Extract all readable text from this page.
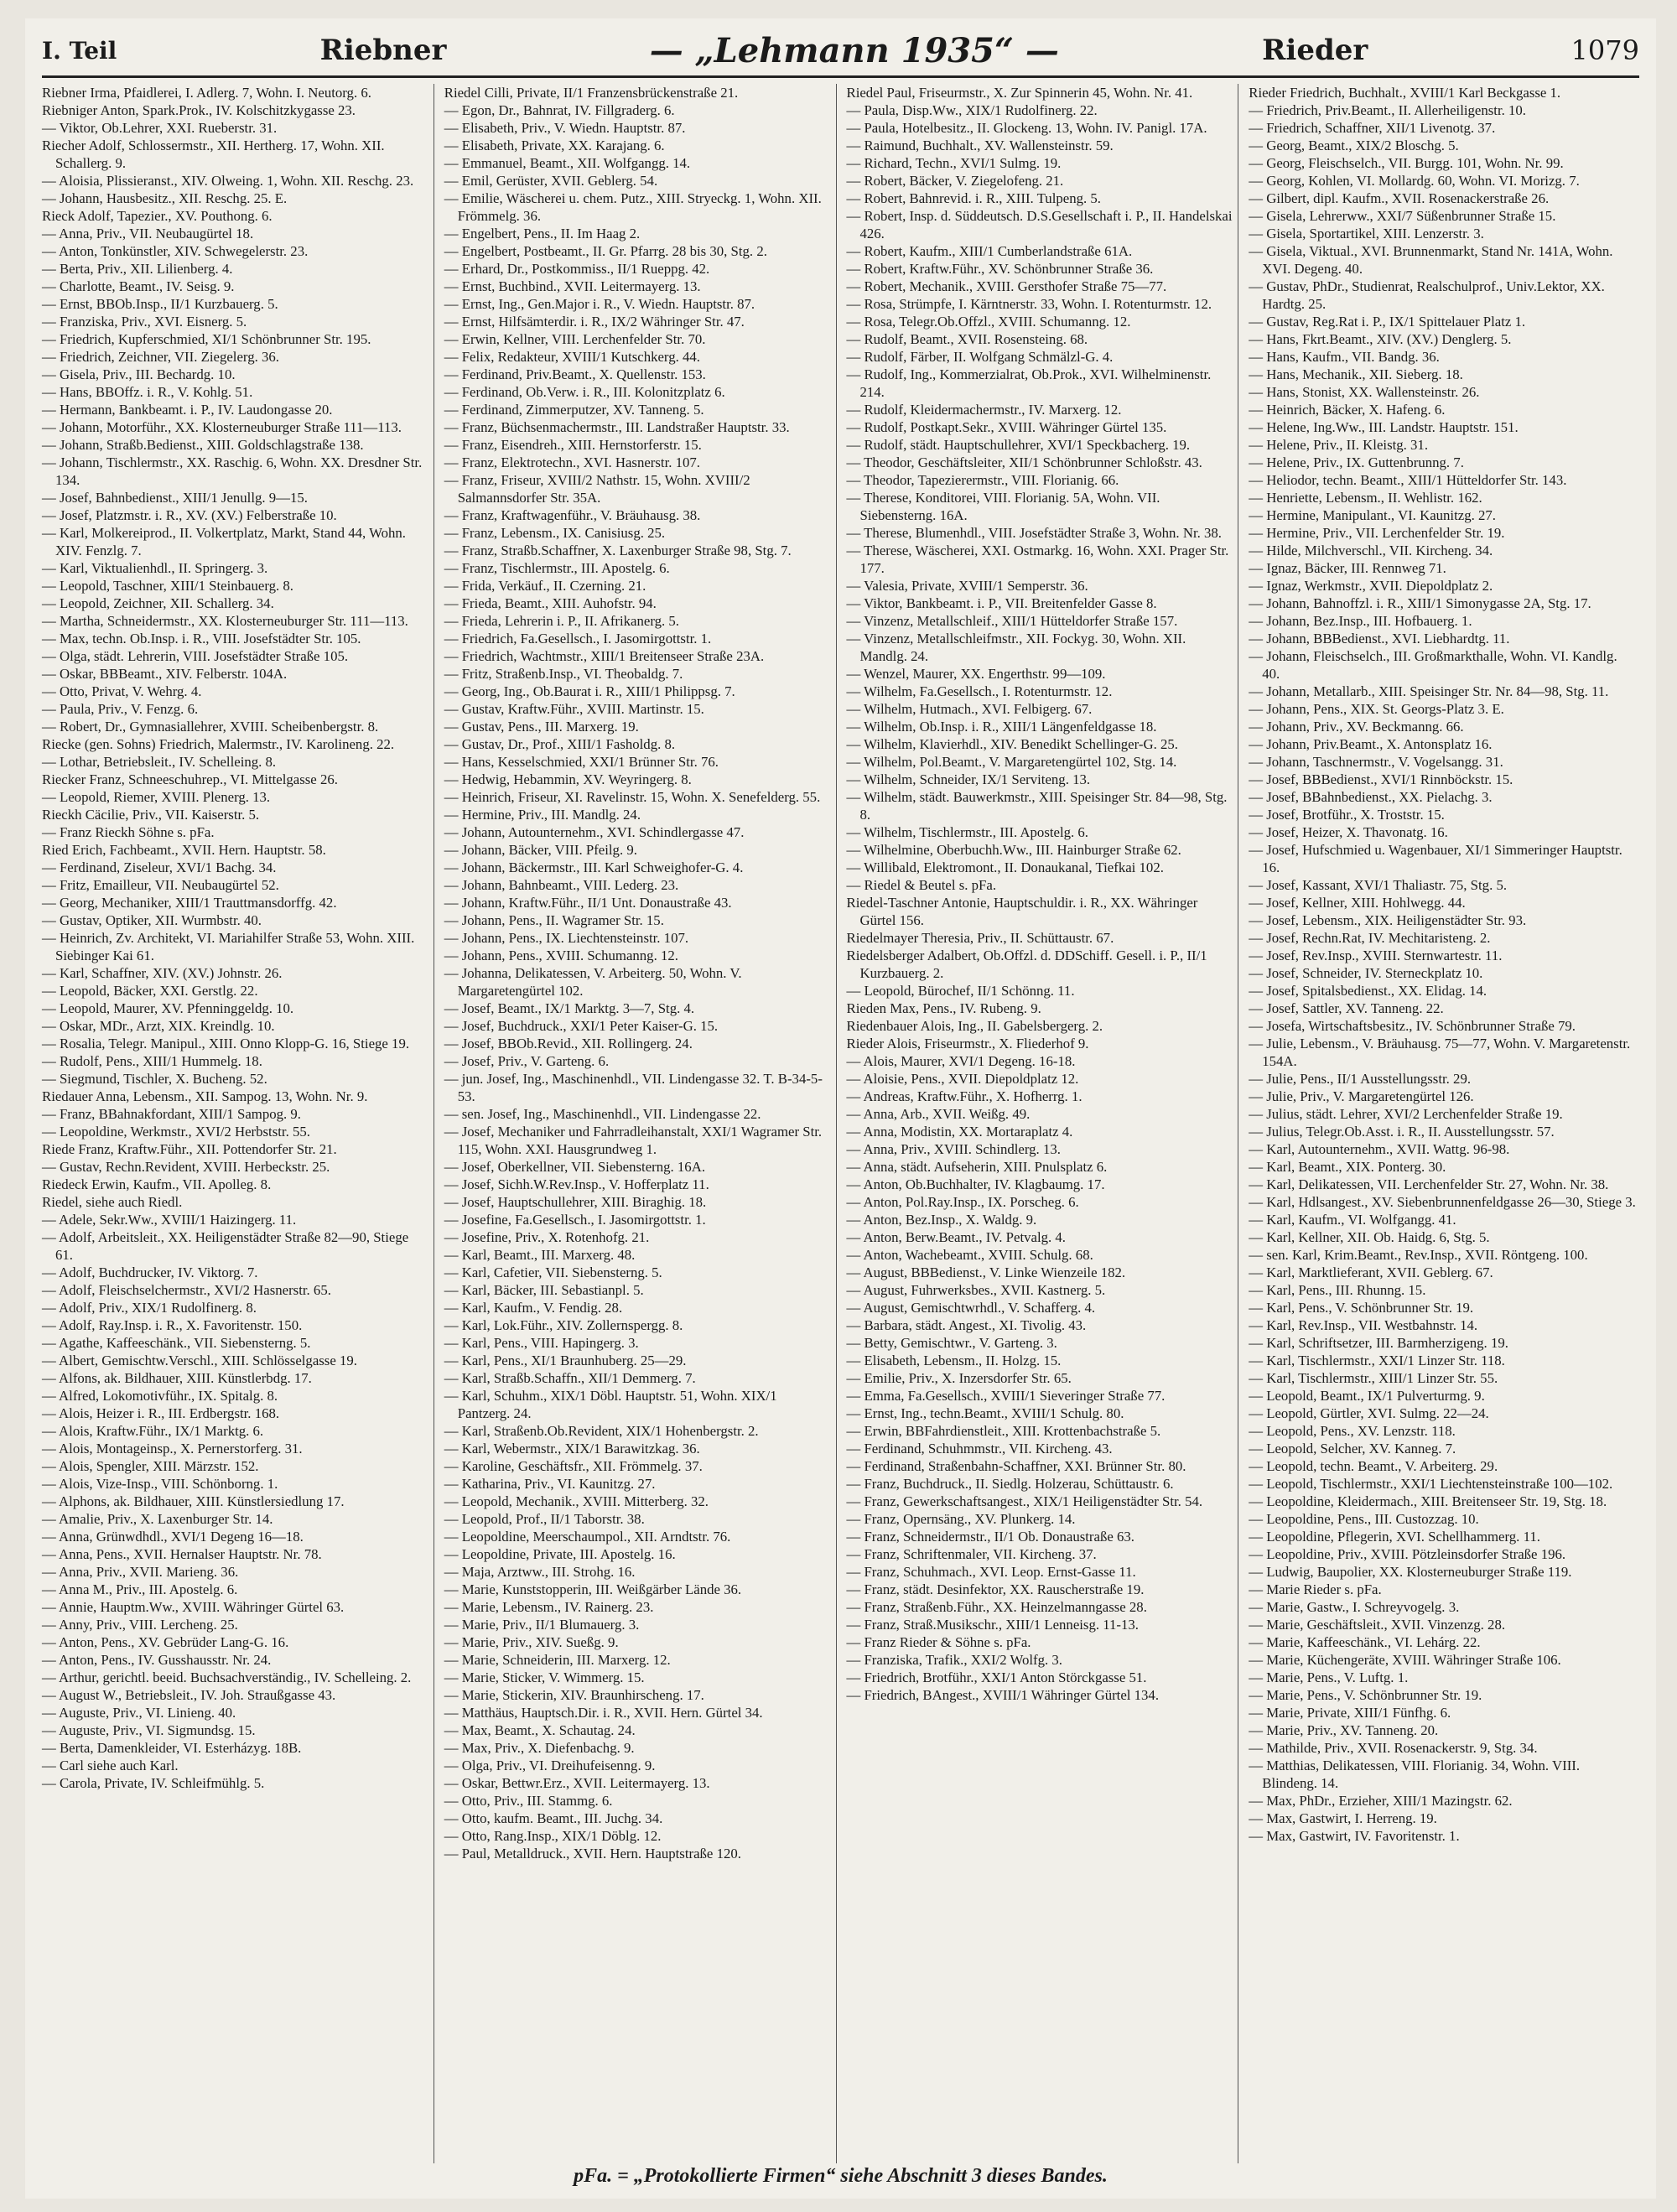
I. Teil	Riebner	— „Lehmann 1935“ —	Rieder	1079
Riebner Irma, Pfaidlerei, I. Adlerg. 7, Wohn. I. Neutorg. 6.
Riebniger Anton, Spark.Prok., IV. Kolschitzkygasse 23.
— Viktor, Ob.Lehrer, XXI. Rueberstr. 31.
Riecher Adolf, Schlossermstr., XII. Hertherg. 17, Wohn. XII. Schallerg. 9.
— Aloisia, Plissieranst., XIV. Olweing. 1, Wohn. XII. Reschg. 23.
— Johann, Hausbesitz., XII. Reschg. 25. E.
Rieck Adolf, Tapezier., XV. Pouthong. 6.
— Anna, Priv., VII. Neubaugürtel 18.
— Anton, Tonkünstler, XIV. Schwegelerstr. 23.
— Berta, Priv., XII. Lilienberg. 4.
— Charlotte, Beamt., IV. Seisg. 9.
— Ernst, BBOb.Insp., II/1 Kurzbauerg. 5.
— Franziska, Priv., XVI. Eisnerg. 5.
— Friedrich, Kupferschmied, XI/1 Schönbrunner Str. 195.
— Friedrich, Zeichner, VII. Ziegelerg. 36.
— Gisela, Priv., III. Bechardg. 10.
— Hans, BBOffz. i. R., V. Kohlg. 51.
— Hermann, Bankbeamt. i. P., IV. Laudongasse 20.
— Johann, Motorführ., XX. Klosterneuburger Straße 111—113.
— Johann, Straßb.Bedienst., XIII. Goldschlagstraße 138.
— Johann, Tischlermstr., XX. Raschig. 6, Wohn. XX. Dresdner Str. 134.
— Josef, Bahnbedienst., XIII/1 Jenullg. 9—15.
— Josef, Platzmstr. i. R., XV. (XV.) Felberstraße 10.
— Karl, Molkereiprod., II. Volkertplatz, Markt, Stand 44, Wohn. XIV. Fenzlg. 7.
— Karl, Viktualienhdl., II. Springerg. 3.
— Leopold, Taschner, XIII/1 Steinbauerg. 8.
— Leopold, Zeichner, XII. Schallerg. 34.
— Martha, Schneidermstr., XX. Klosterneuburger Str. 111—113.
— Max, techn. Ob.Insp. i. R., VIII. Josefstädter Str. 105.
— Olga, städt. Lehrerin, VIII. Josefstädter Straße 105.
— Oskar, BBBeamt., XIV. Felberstr. 104A.
— Otto, Privat, V. Wehrg. 4.
— Paula, Priv., V. Fenzg. 6.
— Robert, Dr., Gymnasiallehrer, XVIII. Scheibenbergstr. 8.
Riecke (gen. Sohns) Friedrich, Malermstr., IV. Karolineng. 22.
— Lothar, Betriebsleit., IV. Schelleing. 8.
Riecker Franz, Schneeschuhrep., VI. Mittelgasse 26.
— Leopold, Riemer, XVIII. Plenerg. 13.
Rieckh Cäcilie, Priv., VII. Kaiserstr. 5.
— Franz Rieckh Söhne s. pFa.
Ried Erich, Fachbeamt., XVII. Hern. Hauptstr. 58.
— Ferdinand, Ziseleur, XVI/1 Bachg. 34.
— Fritz, Emailleur, VII. Neubaugürtel 52.
— Georg, Mechaniker, XIII/1 Trauttmansdorffg. 42.
— Gustav, Optiker, XII. Wurmbstr. 40.
— Heinrich, Zv. Architekt, VI. Mariahilfer Straße 53, Wohn. XIII. Siebinger Kai 61.
— Karl, Schaffner, XIV. (XV.) Johnstr. 26.
— Leopold, Bäcker, XXI. Gerstlg. 22.
— Leopold, Maurer, XV. Pfenninggeldg. 10.
— Oskar, MDr., Arzt, XIX. Kreindlg. 10.
— Rosalia, Telegr. Manipul., XIII. Onno Klopp-G. 16, Stiege 19.
— Rudolf, Pens., XIII/1 Hummelg. 18.
— Siegmund, Tischler, X. Bucheng. 52.
Riedauer Anna, Lebensm., XII. Sampog. 13, Wohn. Nr. 9.
— Franz, BBahnakfordant, XIII/1 Sampog. 9.
— Leopoldine, Werkmstr., XVI/2 Herbststr. 55.
Riede Franz, Kraftw.Führ., XII. Pottendorfer Str. 21.
— Gustav, Rechn.Revident, XVIII. Herbeckstr. 25.
Riedeck Erwin, Kaufm., VII. Apolleg. 8.
Riedel, siehe auch Riedl.
— Adele, Sekr.Ww., XVIII/1 Haizingerg. 11.
— Adolf, Arbeitsleit., XX. Heiligenstädter Straße 82—90, Stiege 61.
— Adolf, Buchdrucker, IV. Viktorg. 7.
— Adolf, Fleischselchermstr., XVI/2 Hasnerstr. 65.
— Adolf, Priv., XIX/1 Rudolfinerg. 8.
— Adolf, Ray.Insp. i. R., X. Favoritenstr. 150.
— Agathe, Kaffeeschänk., VII. Siebensterng. 5.
— Albert, Gemischtw.Verschl., XIII. Schlösselgasse 19.
— Alfons, ak. Bildhauer, XIII. Künstlerbdg. 17.
— Alfred, Lokomotivführ., IX. Spitalg. 8.
— Alois, Heizer i. R., III. Erdbergstr. 168.
— Alois, Kraftw.Führ., IX/1 Marktg. 6.
— Alois, Montageinsp., X. Pernerstorferg. 31.
— Alois, Spengler, XIII. Märzstr. 152.
— Alois, Vize-Insp., VIII. Schönborng. 1.
— Alphons, ak. Bildhauer, XIII. Künstlersiedlung 17.
— Amalie, Priv., X. Laxenburger Str. 14.
— Anna, Grünwdhdl., XVI/1 Degeng 16—18.
— Anna, Pens., XVII. Hernalser Hauptstr. Nr. 78.
— Anna, Priv., XVII. Marieng. 36.
— Anna M., Priv., III. Apostelg. 6.
— Annie, Hauptm.Ww., XVIII. Währinger Gürtel 63.
— Anny, Priv., VIII. Lercheng. 25.
— Anton, Pens., XV. Gebrüder Lang-G. 16.
— Anton, Pens., IV. Gusshausstr. Nr. 24.
— Arthur, gerichtl. beeid. Buchsachverständig., IV. Schelleing. 2.
— August W., Betriebsleit., IV. Joh. Straußgasse 43.
— Auguste, Priv., VI. Linieng. 40.
— Auguste, Priv., VI. Sigmundsg. 15.
— Berta, Damenkleider, VI. Esterházyg. 18B.
— Carl siehe auch Karl.
— Carola, Private, IV. Schleifmühlg. 5.
Riedel Cilli, Private, II/1 Franzensbrückenstraße 21.
— Egon, Dr., Bahnrat, IV. Fillgraderg. 6.
— Elisabeth, Priv., V. Wiedn. Hauptstr. 87.
— Elisabeth, Private, XX. Karajang. 6.
— Emmanuel, Beamt., XII. Wolfgangg. 14.
— Emil, Gerüster, XVII. Geblerg. 54.
— Emilie, Wäscherei u. chem. Putz., XIII. Stryeckg. 1, Wohn. XII. Frömmelg. 36.
— Engelbert, Pens., II. Im Haag 2.
— Engelbert, Postbeamt., II. Gr. Pfarrg. 28 bis 30, Stg. 2.
— Erhard, Dr., Postkommiss., II/1 Rueppg. 42.
— Ernst, Buchbind., XVII. Leitermayerg. 13.
— Ernst, Ing., Gen.Major i. R., V. Wiedn. Hauptstr. 87.
— Ernst, Hilfsämterdir. i. R., IX/2 Währinger Str. 47.
— Erwin, Kellner, VIII. Lerchenfelder Str. 70.
— Felix, Redakteur, XVIII/1 Kutschkerg. 44.
— Ferdinand, Priv.Beamt., X. Quellenstr. 153.
— Ferdinand, Ob.Verw. i. R., III. Kolonitzplatz 6.
— Ferdinand, Zimmerputzer, XV. Tanneng. 5.
— Franz, Büchsenmachermstr., III. Landstraßer Hauptstr. 33.
— Franz, Eisendreh., XIII. Hernstorferstr. 15.
— Franz, Elektrotechn., XVI. Hasnerstr. 107.
— Franz, Friseur, XVIII/2 Nathstr. 15, Wohn. XVIII/2 Salmannsdorfer Str. 35A.
— Franz, Kraftwagenführ., V. Bräuhausg. 38.
— Franz, Lebensm., IX. Canisiusg. 25.
— Franz, Straßb.Schaffner, X. Laxenburger Straße 98, Stg. 7.
— Franz, Tischlermstr., III. Apostelg. 6.
— Frida, Verkäuf., II. Czerning. 21.
— Frieda, Beamt., XIII. Auhofstr. 94.
— Frieda, Lehrerin i. P., II. Afrikanerg. 5.
— Friedrich, Fa.Gesellsch., I. Jasomirgottstr. 1.
— Friedrich, Wachtmstr., XIII/1 Breitenseer Straße 23A.
— Fritz, Straßenb.Insp., VI. Theobaldg. 7.
— Georg, Ing., Ob.Baurat i. R., XIII/1 Philippsg. 7.
— Gustav, Kraftw.Führ., XVIII. Martinstr. 15.
— Gustav, Pens., III. Marxerg. 19.
— Gustav, Dr., Prof., XIII/1 Fasholdg. 8.
— Hans, Kesselschmied, XXI/1 Brünner Str. 76.
— Hedwig, Hebammin, XV. Weyringerg. 8.
— Heinrich, Friseur, XI. Ravelinstr. 15, Wohn. X. Senefelderg. 55.
— Hermine, Priv., III. Mandlg. 24.
— Johann, Autounternehm., XVI. Schindlergasse 47.
— Johann, Bäcker, VIII. Pfeilg. 9.
— Johann, Bäckermstr., III. Karl Schweighofer-G. 4.
— Johann, Bahnbeamt., VIII. Lederg. 23.
— Johann, Kraftw.Führ., II/1 Unt. Donaustraße 43.
— Johann, Pens., II. Wagramer Str. 15.
— Johann, Pens., IX. Liechtensteinstr. 107.
— Johann, Pens., XVIII. Schumanng. 12.
— Johanna, Delikatessen, V. Arbeiterg. 50, Wohn. V. Margaretengürtel 102.
— Josef, Beamt., IX/1 Marktg. 3—7, Stg. 4.
— Josef, Buchdruck., XXI/1 Peter Kaiser-G. 15.
— Josef, BBOb.Revid., XII. Rollingerg. 24.
— Josef, Priv., V. Garteng. 6.
— jun. Josef, Ing., Maschinenhdl., VII. Lindengasse 32. T. B-34-5-53.
— sen. Josef, Ing., Maschinenhdl., VII. Lindengasse 22.
— Josef, Mechaniker und Fahrradleihanstalt, XXI/1 Wagramer Str. 115, Wohn. XXI. Hausgrundweg 1.
— Josef, Oberkellner, VII. Siebensterng. 16A.
— Josef, Sichh.W.Rev.Insp., V. Hofferplatz 11.
— Josef, Hauptschullehrer, XIII. Biraghig. 18.
— Josefine, Fa.Gesellsch., I. Jasomirgottstr. 1.
— Josefine, Priv., X. Rotenhofg. 21.
— Karl, Beamt., III. Marxerg. 48.
— Karl, Cafetier, VII. Siebensterng. 5.
— Karl, Bäcker, III. Sebastianpl. 5.
— Karl, Kaufm., V. Fendig. 28.
— Karl, Lok.Führ., XIV. Zollernspergg. 8.
— Karl, Pens., VIII. Hapingerg. 3.
— Karl, Pens., XI/1 Braunhuberg. 25—29.
— Karl, Straßb.Schaffn., XII/1 Demmerg. 7.
— Karl, Schuhm., XIX/1 Döbl. Hauptstr. 51, Wohn. XIX/1 Pantzerg. 24.
— Karl, Straßenb.Ob.Revident, XIX/1 Hohenbergstr. 2.
— Karl, Webermstr., XIX/1 Barawitzkag. 36.
— Karoline, Geschäftsfr., XII. Frömmelg. 37.
— Katharina, Priv., VI. Kaunitzg. 27.
— Leopold, Mechanik., XVIII. Mitterberg. 32.
— Leopold, Prof., II/1 Taborstr. 38.
— Leopoldine, Meerschaumpol., XII. Arndtstr. 76.
— Leopoldine, Private, III. Apostelg. 16.
— Maja, Arztww., III. Strohg. 16.
— Marie, Kunststopperin, III. Weißgärber Lände 36.
— Marie, Lebensm., IV. Rainerg. 23.
— Marie, Priv., II/1 Blumauerg. 3.
— Marie, Priv., XIV. Sueßg. 9.
— Marie, Schneiderin, III. Marxerg. 12.
— Marie, Sticker, V. Wimmerg. 15.
— Marie, Stickerin, XIV. Braunhirscheng. 17.
— Matthäus, Hauptsch.Dir. i. R., XVII. Hern. Gürtel 34.
— Max, Beamt., X. Schautag. 24.
— Max, Priv., X. Diefenbachg. 9.
— Olga, Priv., VI. Dreihufeisenng. 9.
— Oskar, Bettwr.Erz., XVII. Leitermayerg. 13.
— Otto, Priv., III. Stammg. 6.
— Otto, kaufm. Beamt., III. Juchg. 34.
— Otto, Rang.Insp., XIX/1 Döblg. 12.
— Paul, Metalldruck., XVII. Hern. Hauptstraße 120.
Riedel Paul, Friseurmstr., X. Zur Spinnerin 45, Wohn. Nr. 41.
— Paula, Disp.Ww., XIX/1 Rudolfinerg. 22.
— Paula, Hotelbesitz., II. Glockeng. 13, Wohn. IV. Panigl. 17A.
— Raimund, Buchhalt., XV. Wallensteinstr. 59.
— Richard, Techn., XVI/1 Sulmg. 19.
— Robert, Bäcker, V. Ziegelofeng. 21.
— Robert, Bahnrevid. i. R., XIII. Tulpeng. 5.
— Robert, Insp. d. Süddeutsch. D.S.Gesellschaft i. P., II. Handelskai 426.
— Robert, Kaufm., XIII/1 Cumberlandstraße 61A.
— Robert, Kraftw.Führ., XV. Schönbrunner Straße 36.
— Robert, Mechanik., XVIII. Gersthofer Straße 75—77.
— Rosa, Strümpfe, I. Kärntnerstr. 33, Wohn. I. Rotenturmstr. 12.
— Rosa, Telegr.Ob.Offzl., XVIII. Schumanng. 12.
— Rudolf, Beamt., XVII. Rosensteing. 68.
— Rudolf, Färber, II. Wolfgang Schmälzl-G. 4.
— Rudolf, Ing., Kommerzialrat, Ob.Prok., XVI. Wilhelminenstr. 214.
— Rudolf, Kleidermachermstr., IV. Marxerg. 12.
— Rudolf, Postkapt.Sekr., XVIII. Währinger Gürtel 135.
— Rudolf, städt. Hauptschullehrer, XVI/1 Speckbacherg. 19.
— Theodor, Geschäftsleiter, XII/1 Schönbrunner Schloßstr. 43.
— Theodor, Tapezierermstr., VIII. Florianig. 66.
— Therese, Konditorei, VIII. Florianig. 5A, Wohn. VII. Siebensterng. 16A.
— Therese, Blumenhdl., VIII. Josefstädter Straße 3, Wohn. Nr. 38.
— Therese, Wäscherei, XXI. Ostmarkg. 16, Wohn. XXI. Prager Str. 177.
— Valesia, Private, XVIII/1 Semperstr. 36.
— Viktor, Bankbeamt. i. P., VII. Breitenfelder Gasse 8.
— Vinzenz, Metallschleif., XIII/1 Hütteldorfer Straße 157.
— Vinzenz, Metallschleifmstr., XII. Fockyg. 30, Wohn. XII. Mandlg. 24.
— Wenzel, Maurer, XX. Engerthstr. 99—109.
— Wilhelm, Fa.Gesellsch., I. Rotenturmstr. 12.
— Wilhelm, Hutmach., XVI. Felbigerg. 67.
— Wilhelm, Ob.Insp. i. R., XIII/1 Längenfeldgasse 18.
— Wilhelm, Klavierhdl., XIV. Benedikt Schellinger-G. 25.
— Wilhelm, Pol.Beamt., V. Margaretengürtel 102, Stg. 14.
— Wilhelm, Schneider, IX/1 Serviteng. 13.
— Wilhelm, städt. Bauwerkmstr., XIII. Speisinger Str. 84—98, Stg. 8.
— Wilhelm, Tischlermstr., III. Apostelg. 6.
— Wilhelmine, Oberbuchh.Ww., III. Hainburger Straße 62.
— Willibald, Elektromont., II. Donaukanal, Tiefkai 102.
— Riedel & Beutel s. pFa.
Riedel-Taschner Antonie, Hauptschuldir. i. R., XX. Währinger Gürtel 156.
Riedelmayer Theresia, Priv., II. Schüttaustr. 67.
Riedelsberger Adalbert, Ob.Offzl. d. DDSchiff. Gesell. i. P., II/1 Kurzbauerg. 2.
— Leopold, Bürochef, II/1 Schönng. 11.
Rieden Max, Pens., IV. Rubeng. 9.
Riedenbauer Alois, Ing., II. Gabelsbergerg. 2.
Rieder Alois, Friseurmstr., X. Fliederhof 9.
— Alois, Maurer, XVI/1 Degeng. 16-18.
— Aloisie, Pens., XVII. Diepoldplatz 12.
— Andreas, Kraftw.Führ., X. Hofherrg. 1.
— Anna, Arb., XVII. Weißg. 49.
— Anna, Modistin, XX. Mortaraplatz 4.
— Anna, Priv., XVIII. Schindlerg. 13.
— Anna, städt. Aufseherin, XIII. Pnulsplatz 6.
— Anton, Ob.Buchhalter, IV. Klagbaumg. 17.
— Anton, Pol.Ray.Insp., IX. Porscheg. 6.
— Anton, Bez.Insp., X. Waldg. 9.
— Anton, Berw.Beamt., IV. Petvalg. 4.
— Anton, Wachebeamt., XVIII. Schulg. 68.
— August, BBBedienst., V. Linke Wienzeile 182.
— August, Fuhrwerksbes., XVII. Kastnerg. 5.
— August, Gemischtwrhdl., V. Schafferg. 4.
— Barbara, städt. Angest., XI. Tivolig. 43.
— Betty, Gemischtwr., V. Garteng. 3.
— Elisabeth, Lebensm., II. Holzg. 15.
— Emilie, Priv., X. Inzersdorfer Str. 65.
— Emma, Fa.Gesellsch., XVIII/1 Sieveringer Straße 77.
— Ernst, Ing., techn.Beamt., XVIII/1 Schulg. 80.
— Erwin, BBFahrdienstleit., XIII. Krottenbachstraße 5.
— Ferdinand, Schuhmmstr., VII. Kircheng. 43.
— Ferdinand, Straßenbahn-Schaffner, XXI. Brünner Str. 80.
— Franz, Buchdruck., II. Siedlg. Holzerau, Schüttaustr. 6.
— Franz, Gewerkschaftsangest., XIX/1 Heiligenstädter Str. 54.
— Franz, Opernsäng., XV. Plunkerg. 14.
— Franz, Schneidermstr., II/1 Ob. Donaustraße 63.
— Franz, Schriftenmaler, VII. Kircheng. 37.
— Franz, Schuhmach., XVI. Leop. Ernst-Gasse 11.
— Franz, städt. Desinfektor, XX. Rauscherstraße 19.
— Franz, Straßenb.Führ., XX. Heinzelmanngasse 28.
— Franz, Straß.Musikschr., XIII/1 Lenneisg. 11-13.
— Franz Rieder & Söhne s. pFa.
— Franziska, Trafik., XXI/2 Wolfg. 3.
— Friedrich, Brotführ., XXI/1 Anton Störckgasse 51.
— Friedrich, BAngest., XVIII/1 Währinger Gürtel 134.
Rieder Friedrich, Buchhalt., XVIII/1 Karl Beckgasse 1.
— Friedrich, Priv.Beamt., II. Allerheiligenstr. 10.
— Friedrich, Schaffner, XII/1 Livenotg. 37.
— Georg, Beamt., XIX/2 Bloschg. 5.
— Georg, Fleischselch., VII. Burgg. 101, Wohn. Nr. 99.
— Georg, Kohlen, VI. Mollardg. 60, Wohn. VI. Morizg. 7.
— Gilbert, dipl. Kaufm., XVII. Rosenackerstraße 26.
— Gisela, Lehrerww., XXI/7 Süßenbrunner Straße 15.
— Gisela, Sportartikel, XIII. Lenzerstr. 3.
— Gisela, Viktual., XVI. Brunnenmarkt, Stand Nr. 141A, Wohn. XVI. Degeng. 40.
— Gustav, PhDr., Studienrat, Realschulprof., Univ.Lektor, XX. Hardtg. 25.
— Gustav, Reg.Rat i. P., IX/1 Spittelauer Platz 1.
— Hans, Fkrt.Beamt., XIV. (XV.) Denglerg. 5.
— Hans, Kaufm., VII. Bandg. 36.
— Hans, Mechanik., XII. Sieberg. 18.
— Hans, Stonist, XX. Wallensteinstr. 26.
— Heinrich, Bäcker, X. Hafeng. 6.
— Helene, Ing.Ww., III. Landstr. Hauptstr. 151.
— Helene, Priv., II. Kleistg. 31.
— Helene, Priv., IX. Guttenbrunng. 7.
— Heliodor, techn. Beamt., XIII/1 Hütteldorfer Str. 143.
— Henriette, Lebensm., II. Wehlistr. 162.
— Hermine, Manipulant., VI. Kaunitzg. 27.
— Hermine, Priv., VII. Lerchenfelder Str. 19.
— Hilde, Milchverschl., VII. Kircheng. 34.
— Ignaz, Bäcker, III. Rennweg 71.
— Ignaz, Werkmstr., XVII. Diepoldplatz 2.
— Johann, Bahnoffzl. i. R., XIII/1 Simonygasse 2A, Stg. 17.
— Johann, Bez.Insp., III. Hofbauerg. 1.
— Johann, BBBedienst., XVI. Liebhardtg. 11.
— Johann, Fleischselch., III. Großmarkthalle, Wohn. VI. Kandlg. 40.
— Johann, Metallarb., XIII. Speisinger Str. Nr. 84—98, Stg. 11.
— Johann, Pens., XIX. St. Georgs-Platz 3. E.
— Johann, Priv., XV. Beckmanng. 66.
— Johann, Priv.Beamt., X. Antonsplatz 16.
— Johann, Taschnermstr., V. Vogelsangg. 31.
— Josef, BBBedienst., XVI/1 Rinnböckstr. 15.
— Josef, BBahnbedienst., XX. Pielachg. 3.
— Josef, Brotführ., X. Troststr. 15.
— Josef, Heizer, X. Thavonatg. 16.
— Josef, Hufschmied u. Wagenbauer, XI/1 Simmeringer Hauptstr. 16.
— Josef, Kassant, XVI/1 Thaliastr. 75, Stg. 5.
— Josef, Kellner, XIII. Hohlwegg. 44.
— Josef, Lebensm., XIX. Heiligenstädter Str. 93.
— Josef, Rechn.Rat, IV. Mechitaristeng. 2.
— Josef, Rev.Insp., XVIII. Sternwartestr. 11.
— Josef, Schneider, IV. Sterneckplatz 10.
— Josef, Spitalsbedienst., XX. Elidag. 14.
— Josef, Sattler, XV. Tanneng. 22.
— Josefa, Wirtschaftsbesitz., IV. Schönbrunner Straße 79.
— Julie, Lebensm., V. Bräuhausg. 75—77, Wohn. V. Margaretenstr. 154A.
— Julie, Pens., II/1 Ausstellungsstr. 29.
— Julie, Priv., V. Margaretengürtel 126.
— Julius, städt. Lehrer, XVI/2 Lerchenfelder Straße 19.
— Julius, Telegr.Ob.Asst. i. R., II. Ausstellungsstr. 57.
— Karl, Autounternehm., XVII. Wattg. 96-98.
— Karl, Beamt., XIX. Ponterg. 30.
— Karl, Delikatessen, VII. Lerchenfelder Str. 27, Wohn. Nr. 38.
— Karl, Hdlsangest., XV. Siebenbrunnenfeldgasse 26—30, Stiege 3.
— Karl, Kaufm., VI. Wolfgangg. 41.
— Karl, Kellner, XII. Ob. Haidg. 6, Stg. 5.
— sen. Karl, Krim.Beamt., Rev.Insp., XVII. Röntgeng. 100.
— Karl, Marktlieferant, XVII. Geblerg. 67.
— Karl, Pens., III. Rhunng. 15.
— Karl, Pens., V. Schönbrunner Str. 19.
— Karl, Rev.Insp., VII. Westbahnstr. 14.
— Karl, Schriftsetzer, III. Barmherzigeng. 19.
— Karl, Tischlermstr., XXI/1 Linzer Str. 118.
— Karl, Tischlermstr., XIII/1 Linzer Str. 55.
— Leopold, Beamt., IX/1 Pulverturmg. 9.
— Leopold, Gürtler, XVI. Sulmg. 22—24.
— Leopold, Pens., XV. Lenzstr. 118.
— Leopold, Selcher, XV. Kanneg. 7.
— Leopold, techn. Beamt., V. Arbeiterg. 29.
— Leopold, Tischlermstr., XXI/1 Liechtensteinstraße 100—102.
— Leopoldine, Kleidermach., XIII. Breitenseer Str. 19, Stg. 18.
— Leopoldine, Pens., III. Custozzag. 10.
— Leopoldine, Pflegerin, XVI. Schellhammerg. 11.
— Leopoldine, Priv., XVIII. Pötzleinsdorfer Straße 196.
— Ludwig, Baupolier, XX. Klosterneuburger Straße 119.
— Marie Rieder s. pFa.
— Marie, Gastw., I. Schreyvogelg. 3.
— Marie, Geschäftsleit., XVII. Vinzenzg. 28.
— Marie, Kaffeeschänk., VI. Lehárg. 22.
— Marie, Küchengeräte, XVIII. Währinger Straße 106.
— Marie, Pens., V. Luftg. 1.
— Marie, Pens., V. Schönbrunner Str. 19.
— Marie, Private, XIII/1 Fünfhg. 6.
— Marie, Priv., XV. Tanneng. 20.
— Mathilde, Priv., XVII. Rosenackerstr. 9, Stg. 34.
— Matthias, Delikatessen, VIII. Florianig. 34, Wohn. VIII. Blindeng. 14.
— Max, PhDr., Erzieher, XIII/1 Mazingstr. 62.
— Max, Gastwirt, I. Herreng. 19.
— Max, Gastwirt, IV. Favoritenstr. 1.
pFa. = „Protokollierte Firmen“ siehe Abschnitt 3 dieses Bandes.
